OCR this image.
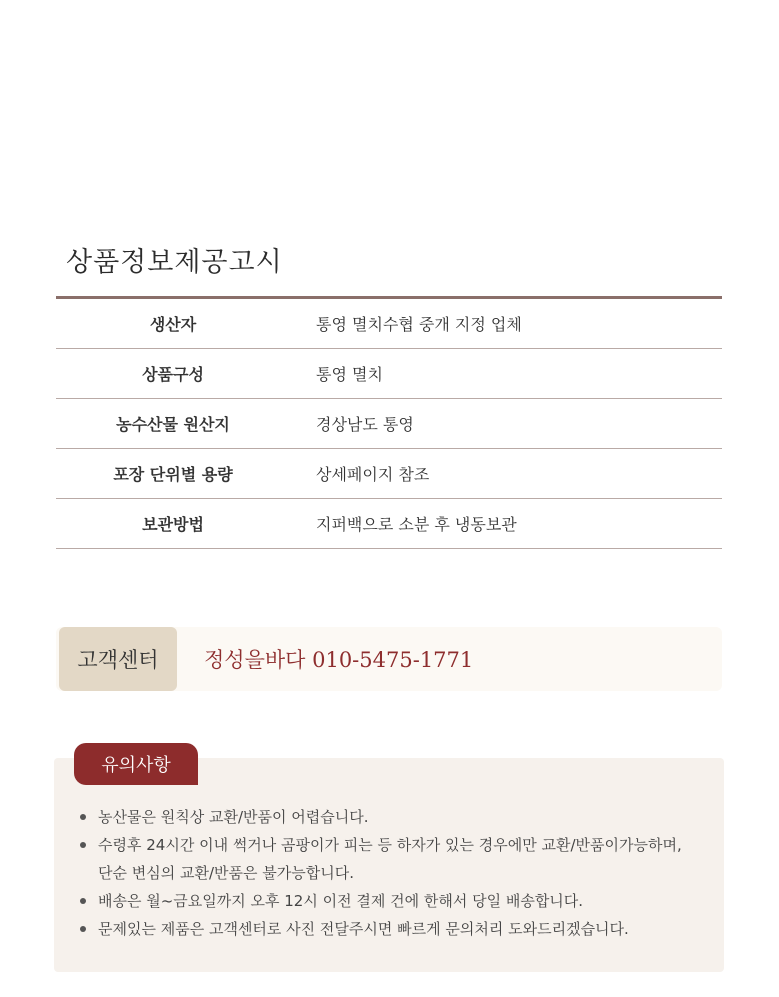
상품정보제공고시
생산자	통영 멸치수협 중개 지정 업체
상품구성	통영 멸치
농수산물 원산지	경상남도 통영
포장 단위별 용량	상세페이지 참조
보관방법	지퍼백으로 소분 후 냉동보관
고객센터	정성을바다 010-5475-1771
유의사항
농산물은 원칙상 교환/반품이 어렵습니다.
수령후 24시간 이내 썩거나 곰팡이가 피는 등 하자가 있는 경우에만 교환/반품이가능하며, 단순 변심의 교환/반품은 불가능합니다.
배송은 월~금요일까지 오후 12시 이전 결제 건에 한해서 당일 배송합니다.
문제있는 제품은 고객센터로 사진 전달주시면 빠르게 문의처리 도와드리겠습니다.
